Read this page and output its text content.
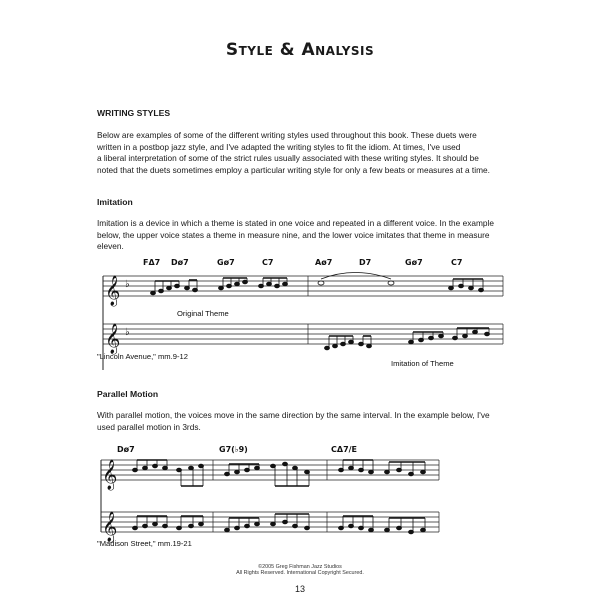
Style & Analysis
WRITING STYLES
Below are examples of some of the different writing styles used throughout this book. These duets were
written in a postbop jazz style, and I've adapted the writing styles to fit the idiom. At times, I've used
a liberal interpretation of some of the strict rules usually associated with these writing styles. It should be
noted that the duets sometimes employ a particular writing style for only a few beats or measures at a time.
Imitation
Imitation is a device in which a theme is stated in one voice and repeated in a different voice. In the example
below, the upper voice states a theme in measure nine, and the lower voice imitates that theme in measure
eleven.
FΔ7 Dø7	Gø7	C7	Aø7	D7	Gø7	C7
𝄞 ♭
Original Theme
𝄞 ♭
"Lincoln Avenue," mm.9-12
Imitation of Theme
Parallel Motion
With parallel motion, the voices move in the same direction by the same interval. In the example below, I've
used parallel motion in 3rds.
Dø7	G7(♭9)	CΔ7/E
𝄞
𝄞
"Madison Street," mm.19-21
©2005 Greg Fishman Jazz Studios
All Rights Reserved. International Copyright Secured.
13
